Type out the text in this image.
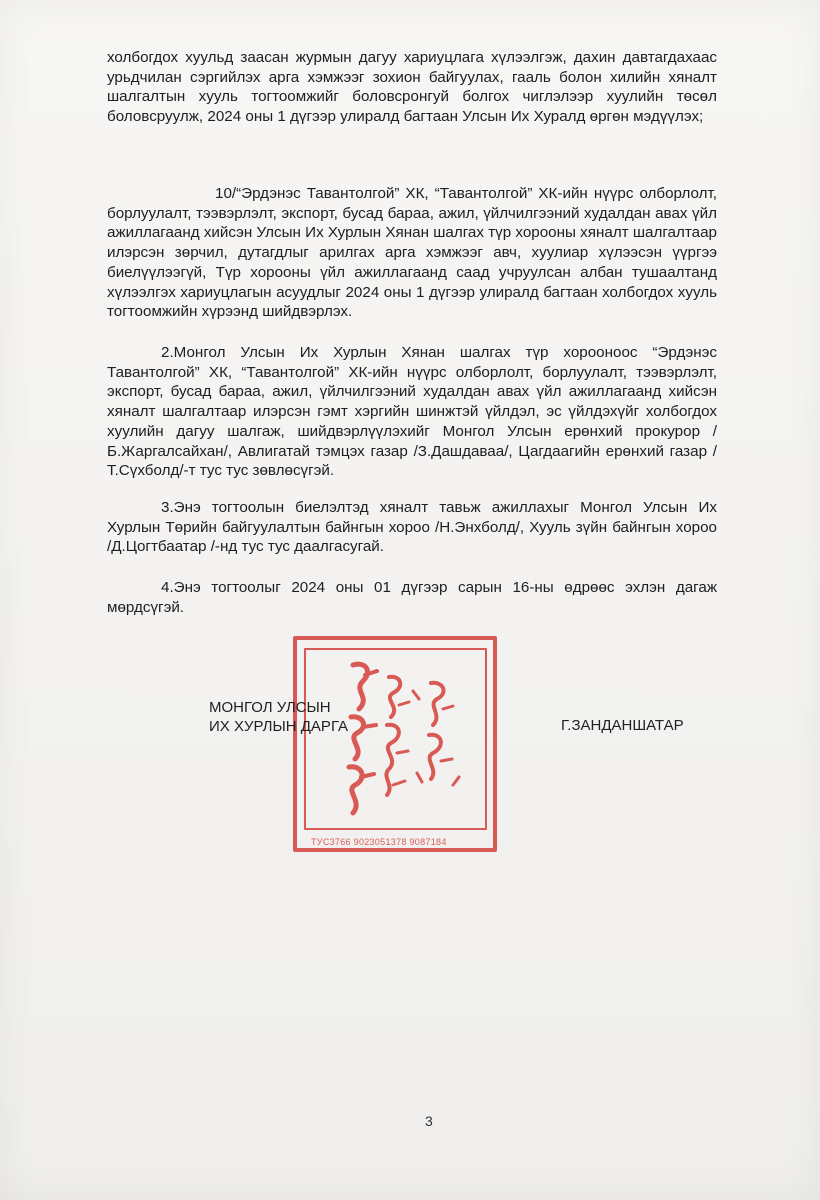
холбогдох хуульд заасан журмын дагуу хариуцлага хүлээлгэж, дахин давтагдахаас урьдчилан сэргийлэх арга хэмжээг зохион байгуулах, гааль болон хилийн хяналт шалгалтын хууль тогтоомжийг боловсронгуй болгох чиглэлээр хуулийн төсөл боловсруулж, 2024 оны 1 дүгээр улиралд багтаан Улсын Их Хуралд өргөн мэдүүлэх;

10/“Эрдэнэс Тавантолгой” ХК, “Тавантолгой” ХК-ийн нүүрс олборлолт, борлуулалт, тээвэрлэлт, экспорт, бусад бараа, ажил, үйлчилгээний худалдан авах үйл ажиллагаанд хийсэн Улсын Их Хурлын Хянан шалгах түр хорооны хяналт шалгалтаар илэрсэн зөрчил, дутагдлыг арилгах арга хэмжээг авч, хуулиар хүлээсэн үүргээ биелүүлээгүй, Түр хорооны үйл ажиллагаанд саад учруулсан албан тушаалтанд хүлээлгэх хариуцлагын асуудлыг 2024 оны 1 дүгээр улиралд багтаан холбогдох хууль тогтоомжийн хүрээнд шийдвэрлэх.

2.Монгол Улсын Их Хурлын Хянан шалгах түр хорооноос “Эрдэнэс Тавантолгой” ХК, “Тавантолгой” ХК-ийн нүүрс олборлолт, борлуулалт, тээвэрлэлт, экспорт, бусад бараа, ажил, үйлчилгээний худалдан авах үйл ажиллагаанд хийсэн хяналт шалгалтаар илэрсэн гэмт хэргийн шинжтэй үйлдэл, эс үйлдэхүйг холбогдох хуулийн дагуу шалгаж, шийдвэрлүүлэхийг Монгол Улсын ерөнхий прокурор /Б.Жаргалсайхан/, Авлигатай тэмцэх газар /З.Дашдаваа/, Цагдаагийн ерөнхий газар /Т.Сүхболд/-т тус тус зөвлөсүгэй.

3.Энэ тогтоолын биелэлтэд хяналт тавьж ажиллахыг Монгол Улсын Их Хурлын Төрийн байгуулалтын байнгын хороо /Н.Энхболд/, Хууль зүйн байнгын хороо /Д.Цогтбаатар /-нд тус тус даалгасугай.

4.Энэ тогтоолыг 2024 оны 01 дүгээр сарын 16-ны өдрөөс эхлэн дагаж мөрдсүгэй.

ТУС3766 9023051378 9087184
МОНГОЛ УЛСЫН
ИХ ХУРЛЫН ДАРГА	Г.ЗАНДАНШАТАР
3
